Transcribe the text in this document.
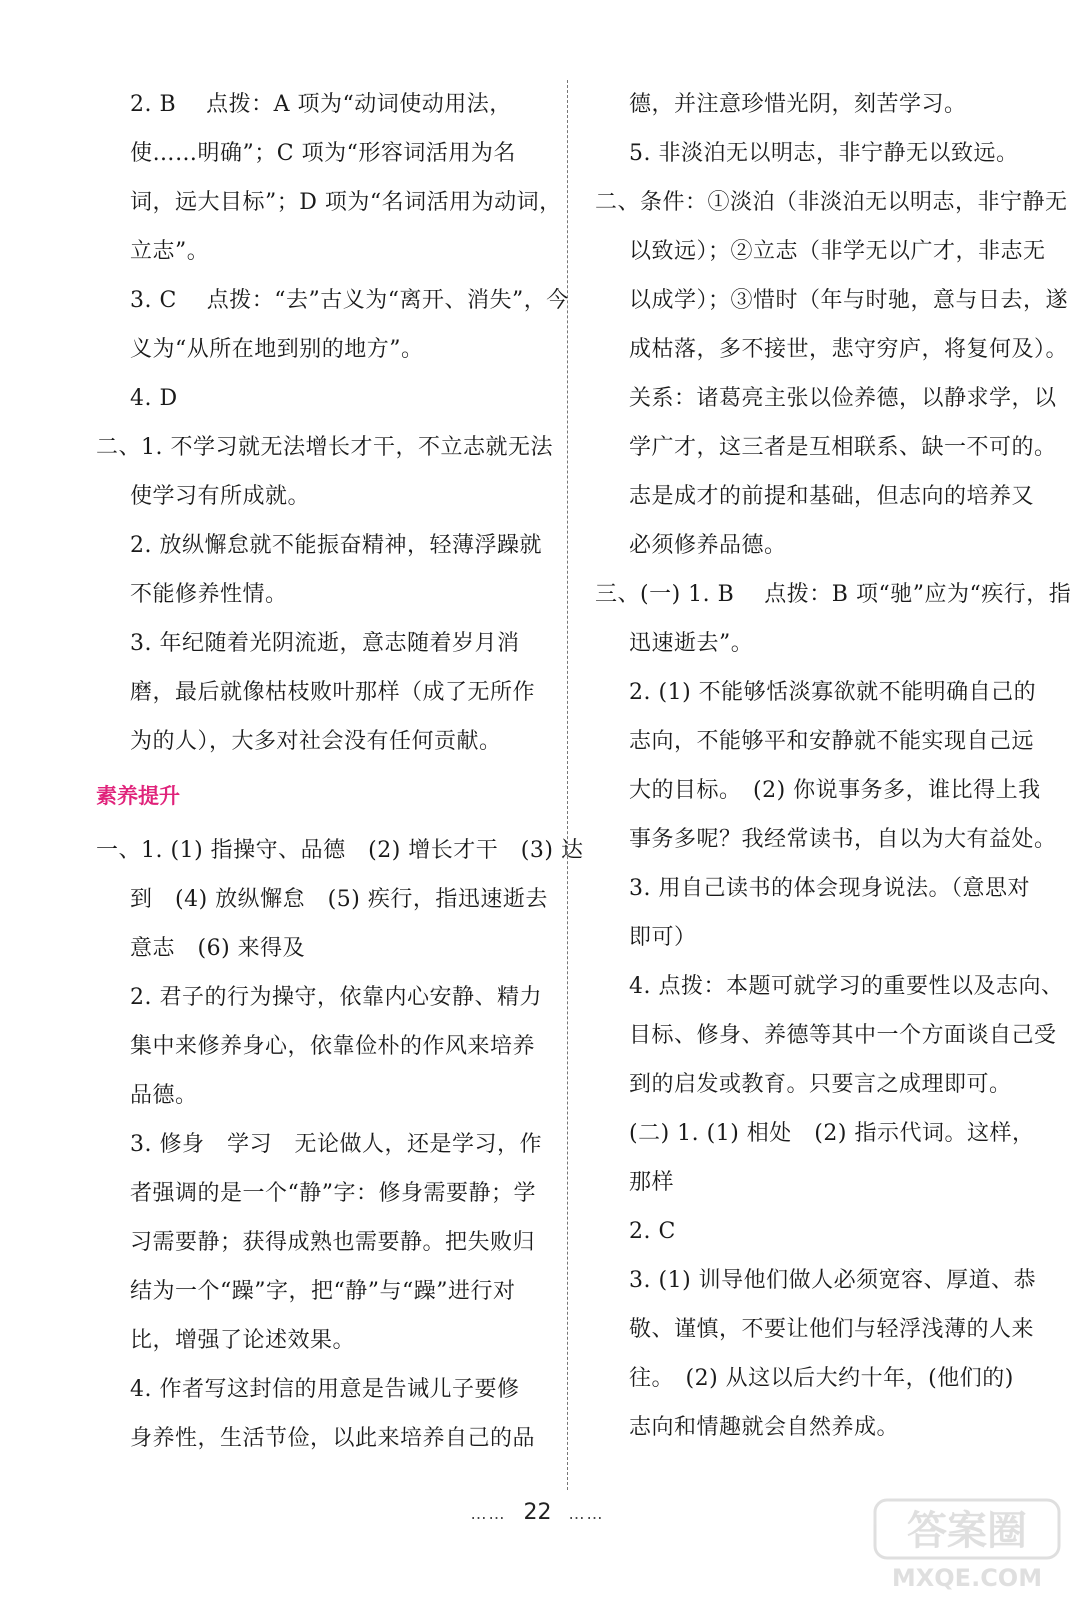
2. B　 点拨：A 项为“动词使动用法，
使……明确”；C 项为“形容词活用为名
词，远大目标”；D 项为“名词活用为动词，
立志”。
3. C　 点拨：“去”古义为“离开、消失”，今
义为“从所在地到别的地方”。
4. D
二、1. 不学习就无法增长才干，不立志就无法
使学习有所成就。
2. 放纵懈怠就不能振奋精神，轻薄浮躁就
不能修养性情。
3. 年纪随着光阴流逝，意志随着岁月消
磨，最后就像枯枝败叶那样（成了无所作
为的人），大多对社会没有任何贡献。
素养提升
一、1. (1) 指操守、品德　(2) 增长才干　(3) 达
到　(4) 放纵懈怠　(5) 疾行，指迅速逝去
意志　(6) 来得及
2. 君子的行为操守，依靠内心安静、精力
集中来修养身心，依靠俭朴的作风来培养
品德。
3. 修身　学习　无论做人，还是学习，作
者强调的是一个“静”字：修身需要静；学
习需要静；获得成熟也需要静。把失败归
结为一个“躁”字，把“静”与“躁”进行对
比，增强了论述效果。
4. 作者写这封信的用意是告诫儿子要修
身养性，生活节俭，以此来培养自己的品
德，并注意珍惜光阴，刻苦学习。
5. 非淡泊无以明志，非宁静无以致远。
二、条件：①淡泊（非淡泊无以明志，非宁静无
以致远）；②立志（非学无以广才，非志无
以成学）；③惜时（年与时驰，意与日去，遂
成枯落，多不接世，悲守穷庐，将复何及）。
关系：诸葛亮主张以俭养德，以静求学，以
学广才，这三者是互相联系、缺一不可的。
志是成才的前提和基础，但志向的培养又
必须修养品德。
三、(一) 1. B　 点拨：B 项“驰”应为“疾行，指
迅速逝去”。
2. (1) 不能够恬淡寡欲就不能明确自己的
志向，不能够平和安静就不能实现自己远
大的目标。　(2) 你说事务多，谁比得上我
事务多呢？我经常读书，自以为大有益处。
3. 用自己读书的体会现身说法。（意思对
即可）
4. 点拨：本题可就学习的重要性以及志向、
目标、修身、养德等其中一个方面谈自己受
到的启发或教育。只要言之成理即可。
(二) 1. (1) 相处　(2) 指示代词。这样，
那样
2. C
3. (1) 训导他们做人必须宽容、厚道、恭
敬、谨慎，不要让他们与轻浮浅薄的人来
往。　(2) 从这以后大约十年，(他们的)
志向和情趣就会自然养成。
…… 22 ……	答案圈
MXQE.COM
